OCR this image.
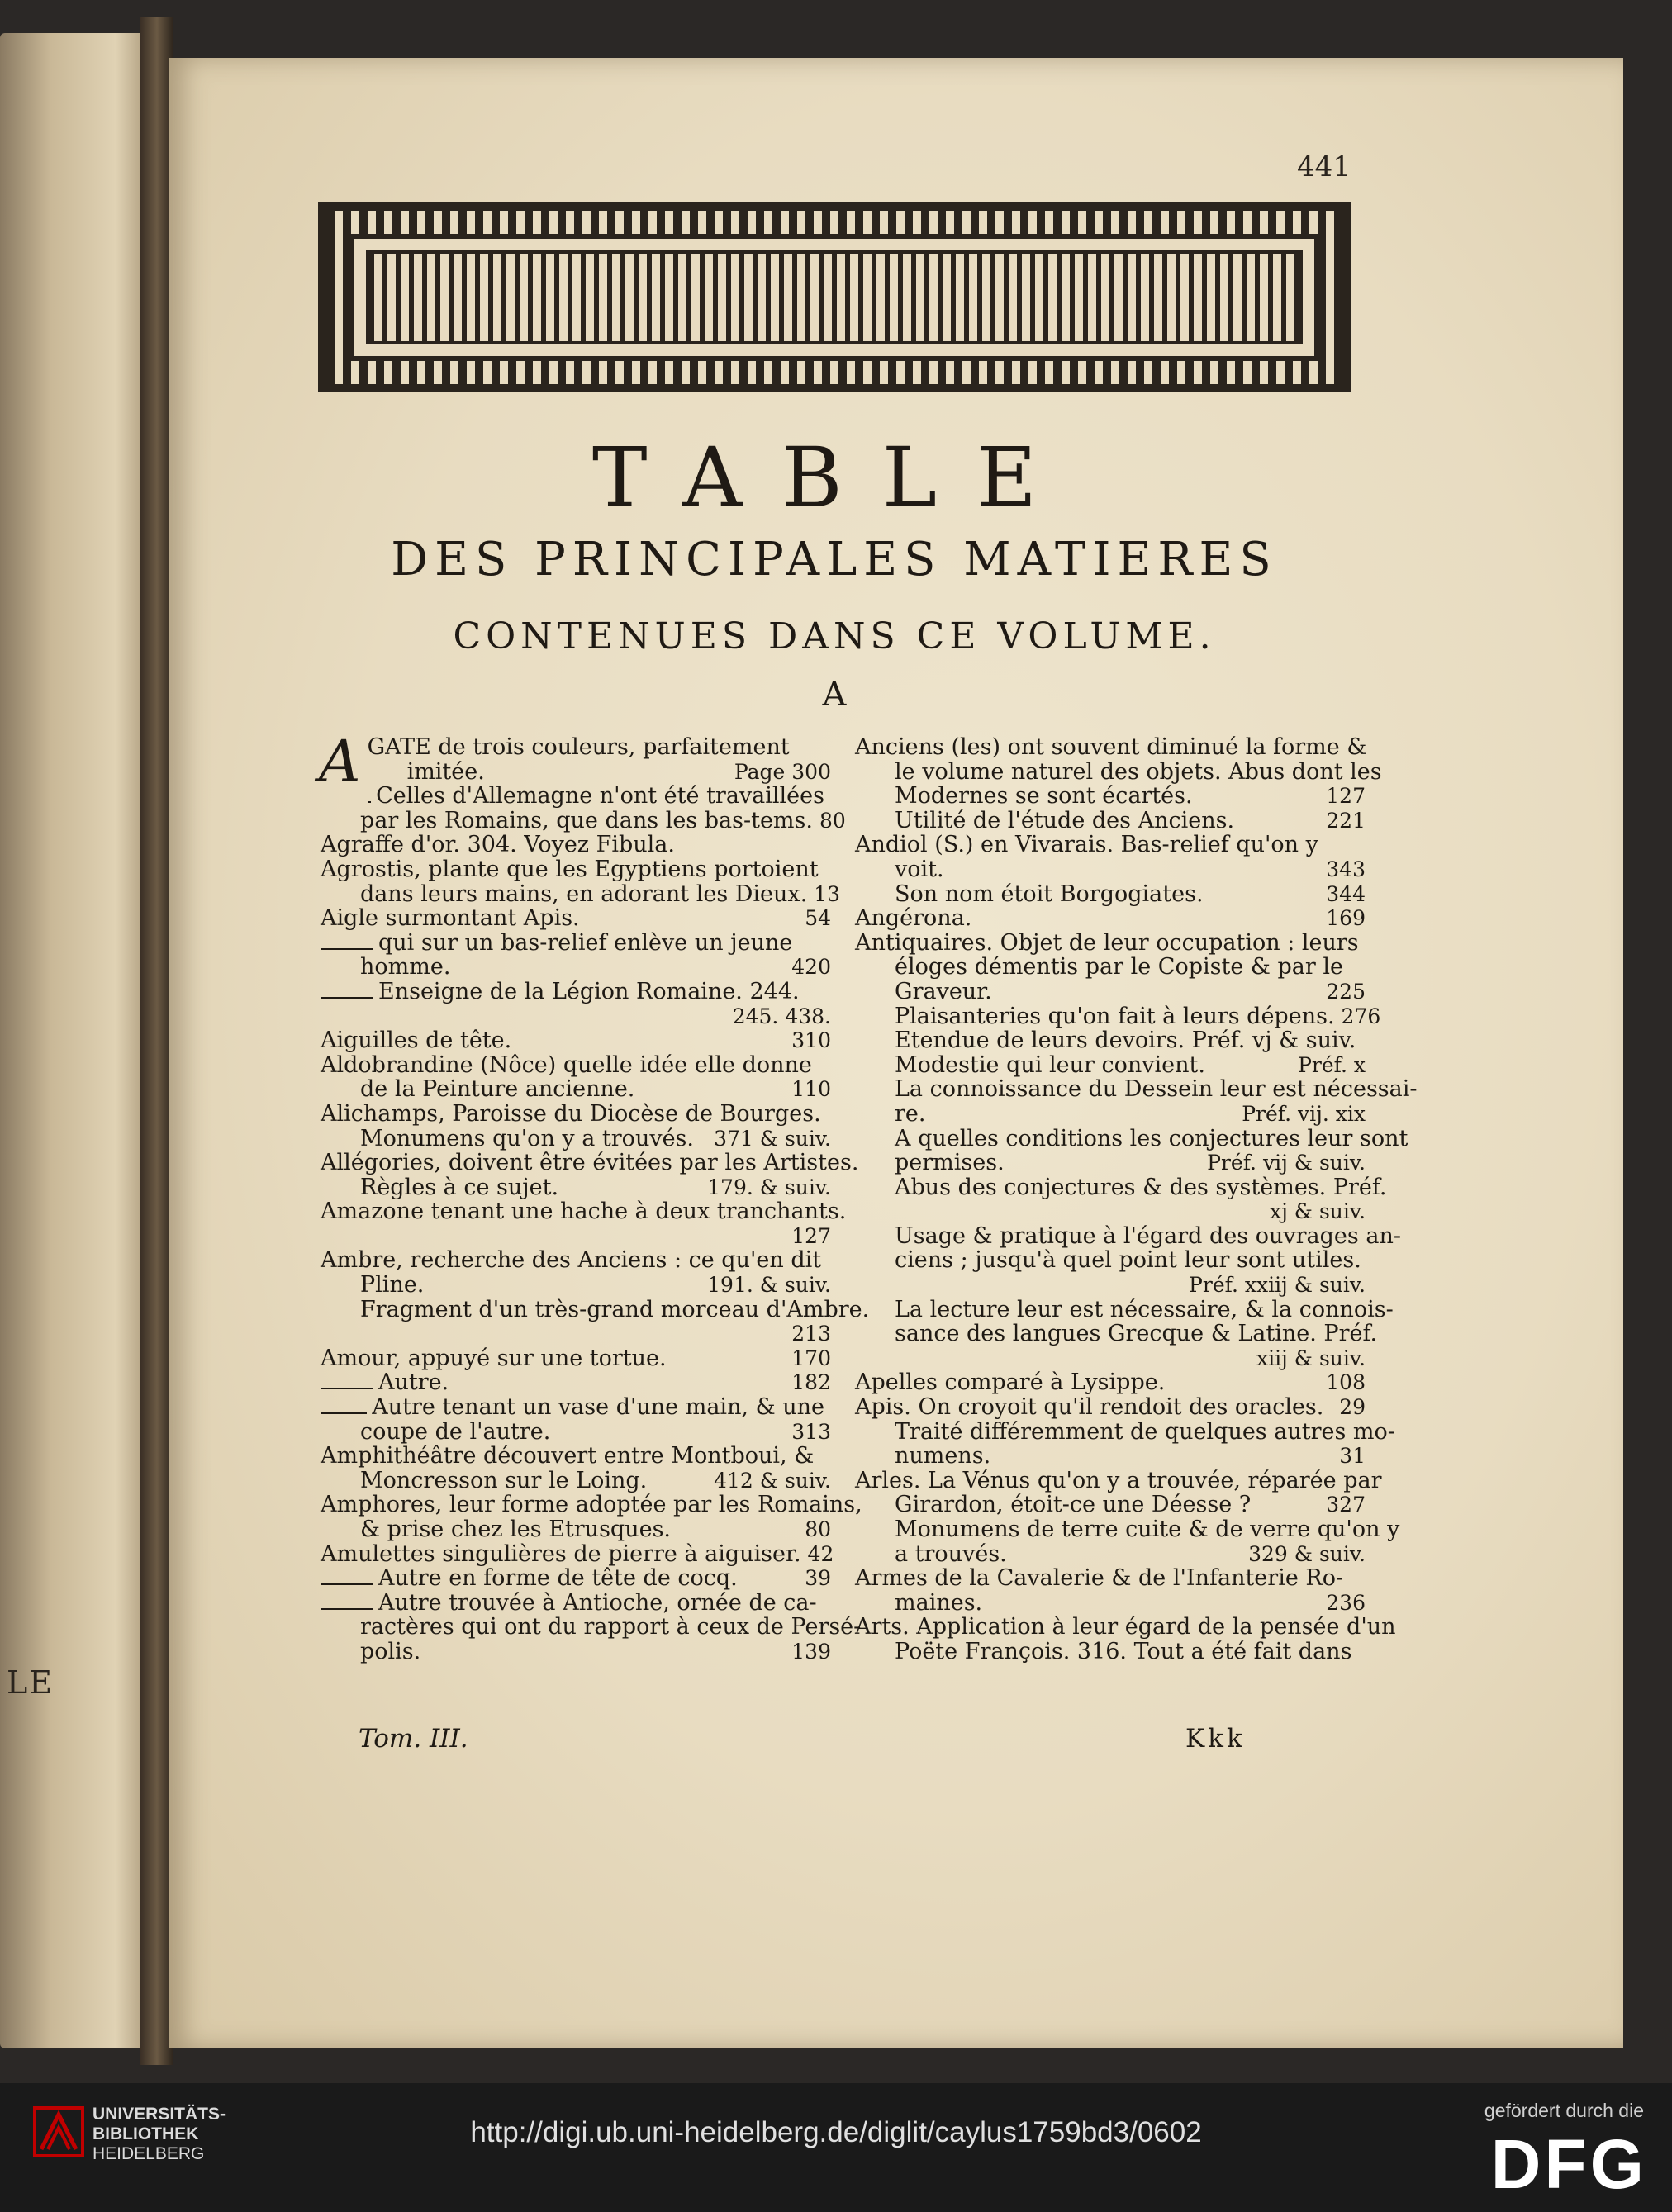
LE
441
TABLE
DES PRINCIPALES MATIERES
CONTENUES DANS CE VOLUME.
A
A GATE de trois couleurs, parfaitement
imitée.	Page 300
Celles d'Allemagne n'ont été travaillées
par les Romains, que dans les bas-tems. 80
Agraffe d'or. 304. Voyez Fibula.
Agrostis, plante que les Egyptiens portoient
dans leurs mains, en adorant les Dieux. 13
Aigle surmontant Apis.	54
qui sur un bas-relief enlève un jeune
homme.	420
Enseigne de la Légion Romaine. 244.
245. 438.
Aiguilles de tête.	310
Aldobrandine (Nôce) quelle idée elle donne
de la Peinture ancienne.	110
Alichamps, Paroisse du Diocèse de Bourges.
Monumens qu'on y a trouvés. 371 & suiv.
Allégories, doivent être évitées par les Artistes.
Règles à ce sujet.	179. & suiv.
Amazone tenant une hache à deux tranchants.
127
Ambre, recherche des Anciens : ce qu'en dit
Pline.	191. & suiv.
Fragment d'un très-grand morceau d'Ambre.
213
Amour, appuyé sur une tortue.	170
Autre.	182
Autre tenant un vase d'une main, & une
coupe de l'autre.	313
Amphithéâtre découvert entre Montboui, &
Moncresson sur le Loing.	412 & suiv.
Amphores, leur forme adoptée par les Romains,
& prise chez les Etrusques.	80
Amulettes singulières de pierre à aiguiser. 42
Autre en forme de tête de cocq.	39
Autre trouvée à Antioche, ornée de ca-
ractères qui ont du rapport à ceux de Persé-
polis.	139
Anciens (les) ont souvent diminué la forme &
le volume naturel des objets. Abus dont les
Modernes se sont écartés.	127
Utilité de l'étude des Anciens.	221
Andiol (S.) en Vivarais. Bas-relief qu'on y
voit.	343
Son nom étoit Borgogiates.	344
Angérona.	169
Antiquaires. Objet de leur occupation : leurs
éloges démentis par le Copiste & par le
Graveur.	225
Plaisanteries qu'on fait à leurs dépens. 276
Etendue de leurs devoirs. Préf. vj & suiv.
Modestie qui leur convient.	Préf. x
La connoissance du Dessein leur est nécessai-
re.	Préf. vij. xix
A quelles conditions les conjectures leur sont
permises.	Préf. vij & suiv.
Abus des conjectures & des systèmes. Préf.
xj & suiv.
Usage & pratique à l'égard des ouvrages an-
ciens ; jusqu'à quel point leur sont utiles.
Préf. xxiij & suiv.
La lecture leur est nécessaire, & la connois-
sance des langues Grecque & Latine. Préf.
xiij & suiv.
Apelles comparé à Lysippe.	108
Apis. On croyoit qu'il rendoit des oracles. 29
Traité différemment de quelques autres mo-
numens.	31
Arles. La Vénus qu'on y a trouvée, réparée par
Girardon, étoit-ce une Déesse ?	327
Monumens de terre cuite & de verre qu'on y
a trouvés.	329 & suiv.
Armes de la Cavalerie & de l'Infanterie Ro-
maines.	236
Arts. Application à leur égard de la pensée d'un
Poëte François. 316. Tout a été fait dans
Tom. III.	Kkk
UNIVERSITÄTS-
BIBLIOTHEK
HEIDELBERG
http://digi.ub.uni-heidelberg.de/diglit/caylus1759bd3/0602
gefördert durch die
DFG
